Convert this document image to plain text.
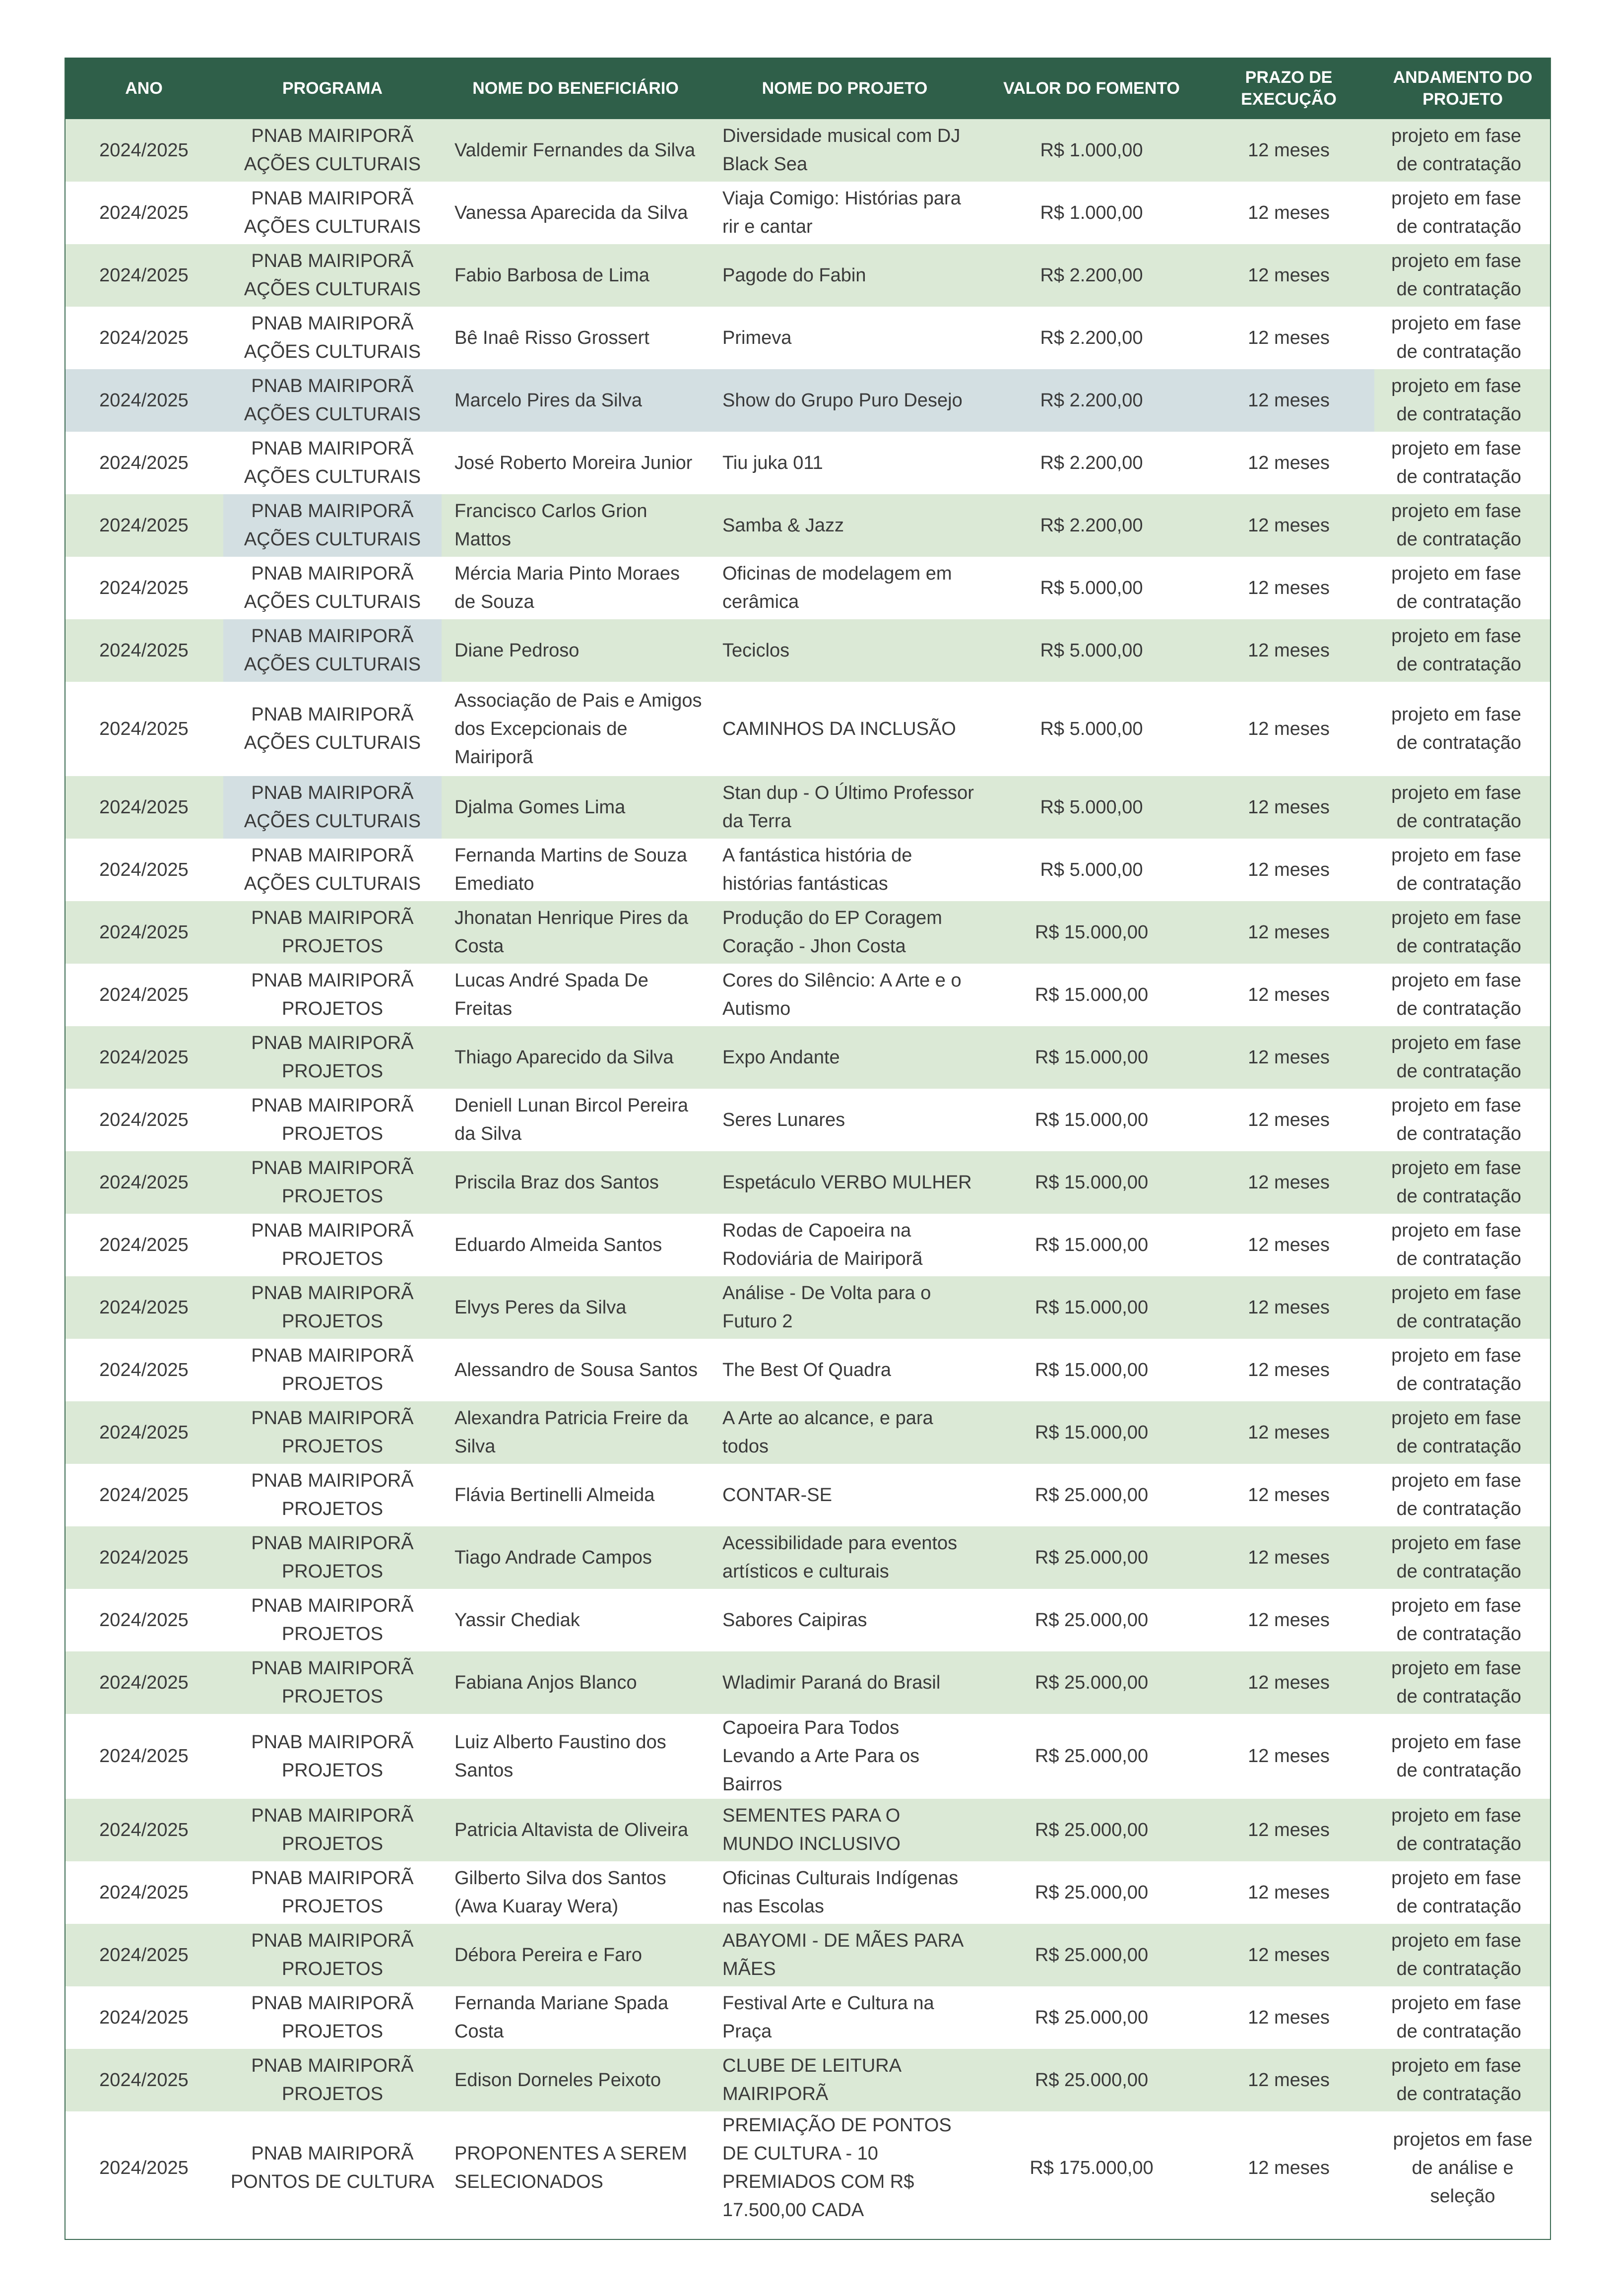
ANO	PROGRAMA	NOME DO BENEFICIÁRIO	NOME DO PROJETO	VALOR DO FOMENTO	PRAZO DE EXECUÇÃO	ANDAMENTO DO PROJETO
2024/2025	PNAB MAIRIPORÃ AÇÕES CULTURAIS	Valdemir Fernandes da Silva	Diversidade musical com DJ Black Sea	R$ 1.000,00	12 meses	projeto em fase de contratação
2024/2025	PNAB MAIRIPORÃ AÇÕES CULTURAIS	Vanessa Aparecida da Silva	Viaja Comigo: Histórias para rir e cantar	R$ 1.000,00	12 meses	projeto em fase de contratação
2024/2025	PNAB MAIRIPORÃ AÇÕES CULTURAIS	Fabio Barbosa de Lima	Pagode do Fabin	R$ 2.200,00	12 meses	projeto em fase de contratação
2024/2025	PNAB MAIRIPORÃ AÇÕES CULTURAIS	Bê Inaê Risso Grossert	Primeva	R$ 2.200,00	12 meses	projeto em fase de contratação
2024/2025	PNAB MAIRIPORÃ AÇÕES CULTURAIS	Marcelo Pires da Silva	Show do Grupo Puro Desejo	R$ 2.200,00	12 meses	projeto em fase de contratação
2024/2025	PNAB MAIRIPORÃ AÇÕES CULTURAIS	José Roberto Moreira Junior	Tiu juka 011	R$ 2.200,00	12 meses	projeto em fase de contratação
2024/2025	PNAB MAIRIPORÃ AÇÕES CULTURAIS	Francisco Carlos Grion Mattos	Samba & Jazz	R$ 2.200,00	12 meses	projeto em fase de contratação
2024/2025	PNAB MAIRIPORÃ AÇÕES CULTURAIS	Mércia Maria Pinto Moraes de Souza	Oficinas de modelagem em cerâmica	R$ 5.000,00	12 meses	projeto em fase de contratação
2024/2025	PNAB MAIRIPORÃ AÇÕES CULTURAIS	Diane Pedroso	Teciclos	R$ 5.000,00	12 meses	projeto em fase de contratação
2024/2025	PNAB MAIRIPORÃ AÇÕES CULTURAIS	Associação de Pais e Amigos dos Excepcionais de Mairiporã	CAMINHOS DA INCLUSÃO	R$ 5.000,00	12 meses	projeto em fase de contratação
2024/2025	PNAB MAIRIPORÃ AÇÕES CULTURAIS	Djalma Gomes Lima	Stan dup - O Último Professor da Terra	R$ 5.000,00	12 meses	projeto em fase de contratação
2024/2025	PNAB MAIRIPORÃ AÇÕES CULTURAIS	Fernanda Martins de Souza Emediato	A fantástica história de histórias fantásticas	R$ 5.000,00	12 meses	projeto em fase de contratação
2024/2025	PNAB MAIRIPORÃ PROJETOS	Jhonatan Henrique Pires da Costa	Produção do EP Coragem Coração - Jhon Costa	R$ 15.000,00	12 meses	projeto em fase de contratação
2024/2025	PNAB MAIRIPORÃ PROJETOS	Lucas André Spada De Freitas	Cores do Silêncio: A Arte e o Autismo	R$ 15.000,00	12 meses	projeto em fase de contratação
2024/2025	PNAB MAIRIPORÃ PROJETOS	Thiago Aparecido da Silva	Expo Andante	R$ 15.000,00	12 meses	projeto em fase de contratação
2024/2025	PNAB MAIRIPORÃ PROJETOS	Deniell Lunan Bircol Pereira da Silva	Seres Lunares	R$ 15.000,00	12 meses	projeto em fase de contratação
2024/2025	PNAB MAIRIPORÃ PROJETOS	Priscila Braz dos Santos	Espetáculo VERBO MULHER	R$ 15.000,00	12 meses	projeto em fase de contratação
2024/2025	PNAB MAIRIPORÃ PROJETOS	Eduardo Almeida Santos	Rodas de Capoeira na Rodoviária de Mairiporã	R$ 15.000,00	12 meses	projeto em fase de contratação
2024/2025	PNAB MAIRIPORÃ PROJETOS	Elvys Peres da Silva	Análise - De Volta para o Futuro 2	R$ 15.000,00	12 meses	projeto em fase de contratação
2024/2025	PNAB MAIRIPORÃ PROJETOS	Alessandro de Sousa Santos	The Best Of Quadra	R$ 15.000,00	12 meses	projeto em fase de contratação
2024/2025	PNAB MAIRIPORÃ PROJETOS	Alexandra Patricia Freire da Silva	A Arte ao alcance, e para todos	R$ 15.000,00	12 meses	projeto em fase de contratação
2024/2025	PNAB MAIRIPORÃ PROJETOS	Flávia Bertinelli Almeida	CONTAR-SE	R$ 25.000,00	12 meses	projeto em fase de contratação
2024/2025	PNAB MAIRIPORÃ PROJETOS	Tiago Andrade Campos	Acessibilidade para eventos artísticos e culturais	R$ 25.000,00	12 meses	projeto em fase de contratação
2024/2025	PNAB MAIRIPORÃ PROJETOS	Yassir Chediak	Sabores Caipiras	R$ 25.000,00	12 meses	projeto em fase de contratação
2024/2025	PNAB MAIRIPORÃ PROJETOS	Fabiana Anjos Blanco	Wladimir Paraná do Brasil	R$ 25.000,00	12 meses	projeto em fase de contratação
2024/2025	PNAB MAIRIPORÃ PROJETOS	Luiz Alberto Faustino dos Santos	Capoeira Para Todos Levando a Arte Para os Bairros	R$ 25.000,00	12 meses	projeto em fase de contratação
2024/2025	PNAB MAIRIPORÃ PROJETOS	Patricia Altavista de Oliveira	SEMENTES PARA O MUNDO INCLUSIVO	R$ 25.000,00	12 meses	projeto em fase de contratação
2024/2025	PNAB MAIRIPORÃ PROJETOS	Gilberto Silva dos Santos (Awa Kuaray Wera)	Oficinas Culturais Indígenas nas Escolas	R$ 25.000,00	12 meses	projeto em fase de contratação
2024/2025	PNAB MAIRIPORÃ PROJETOS	Débora Pereira e Faro	ABAYOMI - DE MÃES PARA MÃES	R$ 25.000,00	12 meses	projeto em fase de contratação
2024/2025	PNAB MAIRIPORÃ PROJETOS	Fernanda Mariane Spada Costa	Festival Arte e Cultura na Praça	R$ 25.000,00	12 meses	projeto em fase de contratação
2024/2025	PNAB MAIRIPORÃ PROJETOS	Edison Dorneles Peixoto	CLUBE DE LEITURA MAIRIPORÃ	R$ 25.000,00	12 meses	projeto em fase de contratação
2024/2025	PNAB MAIRIPORÃ PONTOS DE CULTURA	PROPONENTES A SEREM SELECIONADOS	PREMIAÇÃO DE PONTOS DE CULTURA - 10 PREMIADOS COM R$ 17.500,00 CADA	R$ 175.000,00	12 meses	projetos em fase de análise e seleção
